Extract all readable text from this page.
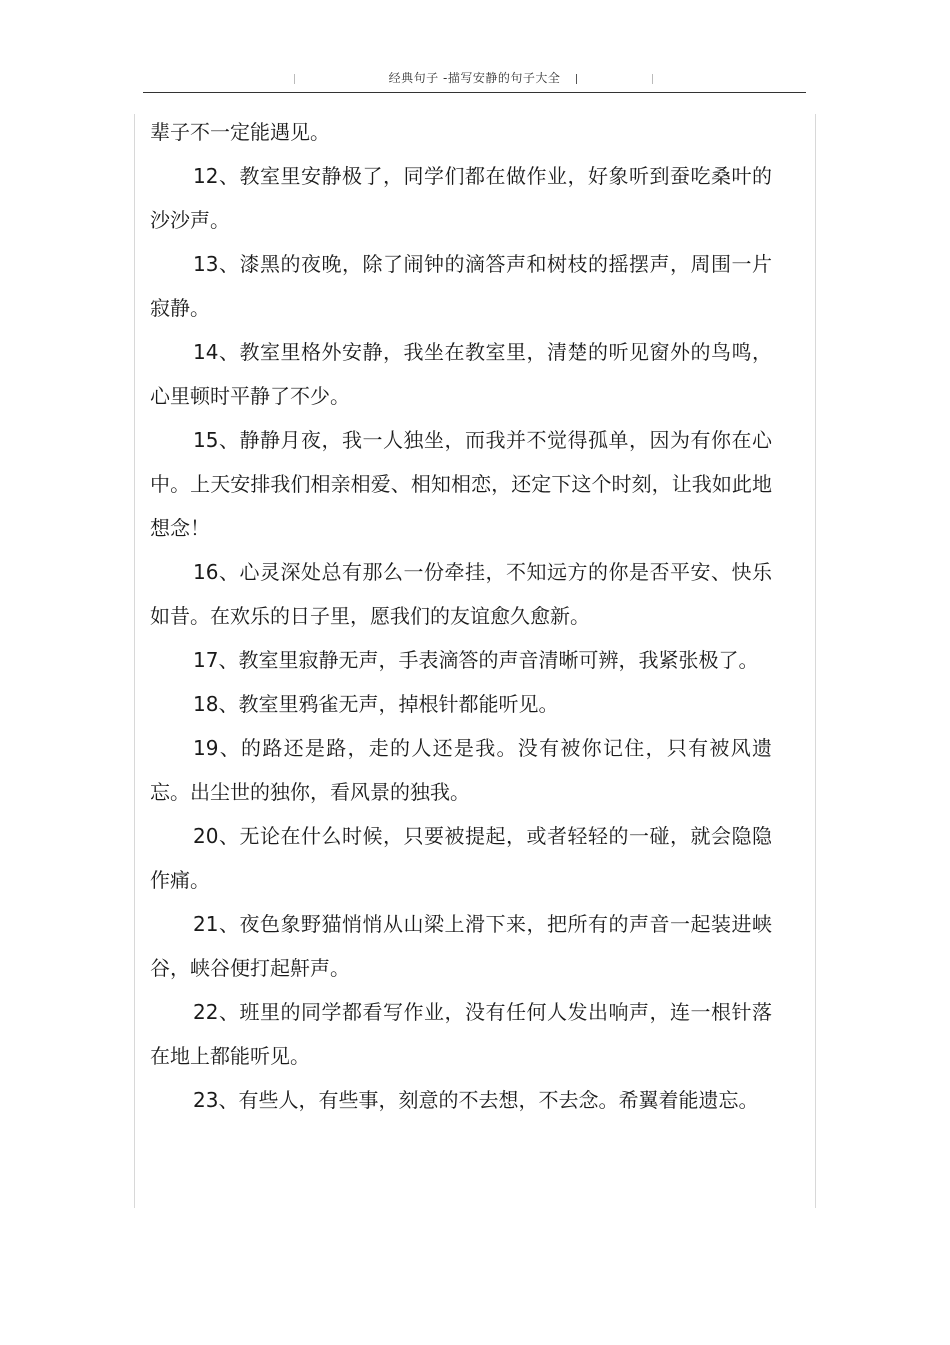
经典句子 -描写安静的句子大全

辈子不一定能遇见。

12、教室里安静极了，同学们都在做作业，好象听到蚕吃桑叶的沙沙声。

13、漆黑的夜晚，除了闹钟的滴答声和树枝的摇摆声，周围一片寂静。

14、教室里格外安静，我坐在教室里，清楚的听见窗外的鸟鸣，心里顿时平静了不少。

15、静静月夜，我一人独坐，而我并不觉得孤单，因为有你在心中。上天安排我们相亲相爱、相知相恋，还定下这个时刻，让我如此地想念！

16、心灵深处总有那么一份牵挂，不知远方的你是否平安、快乐如昔。在欢乐的日子里，愿我们的友谊愈久愈新。

17、教室里寂静无声，手表滴答的声音清晰可辨，我紧张极了。

18、教室里鸦雀无声，掉根针都能听见。

19、的路还是路，走的人还是我。没有被你记住，只有被风遗忘。出尘世的独你，看风景的独我。

20、无论在什么时候，只要被提起，或者轻轻的一碰，就会隐隐作痛。

21、夜色象野猫悄悄从山梁上滑下来，把所有的声音一起装进峡谷，峡谷便打起鼾声。

22、班里的同学都看写作业，没有任何人发出响声，连一根针落在地上都能听见。

23、有些人，有些事，刻意的不去想，不去念。希翼着能遗忘。
